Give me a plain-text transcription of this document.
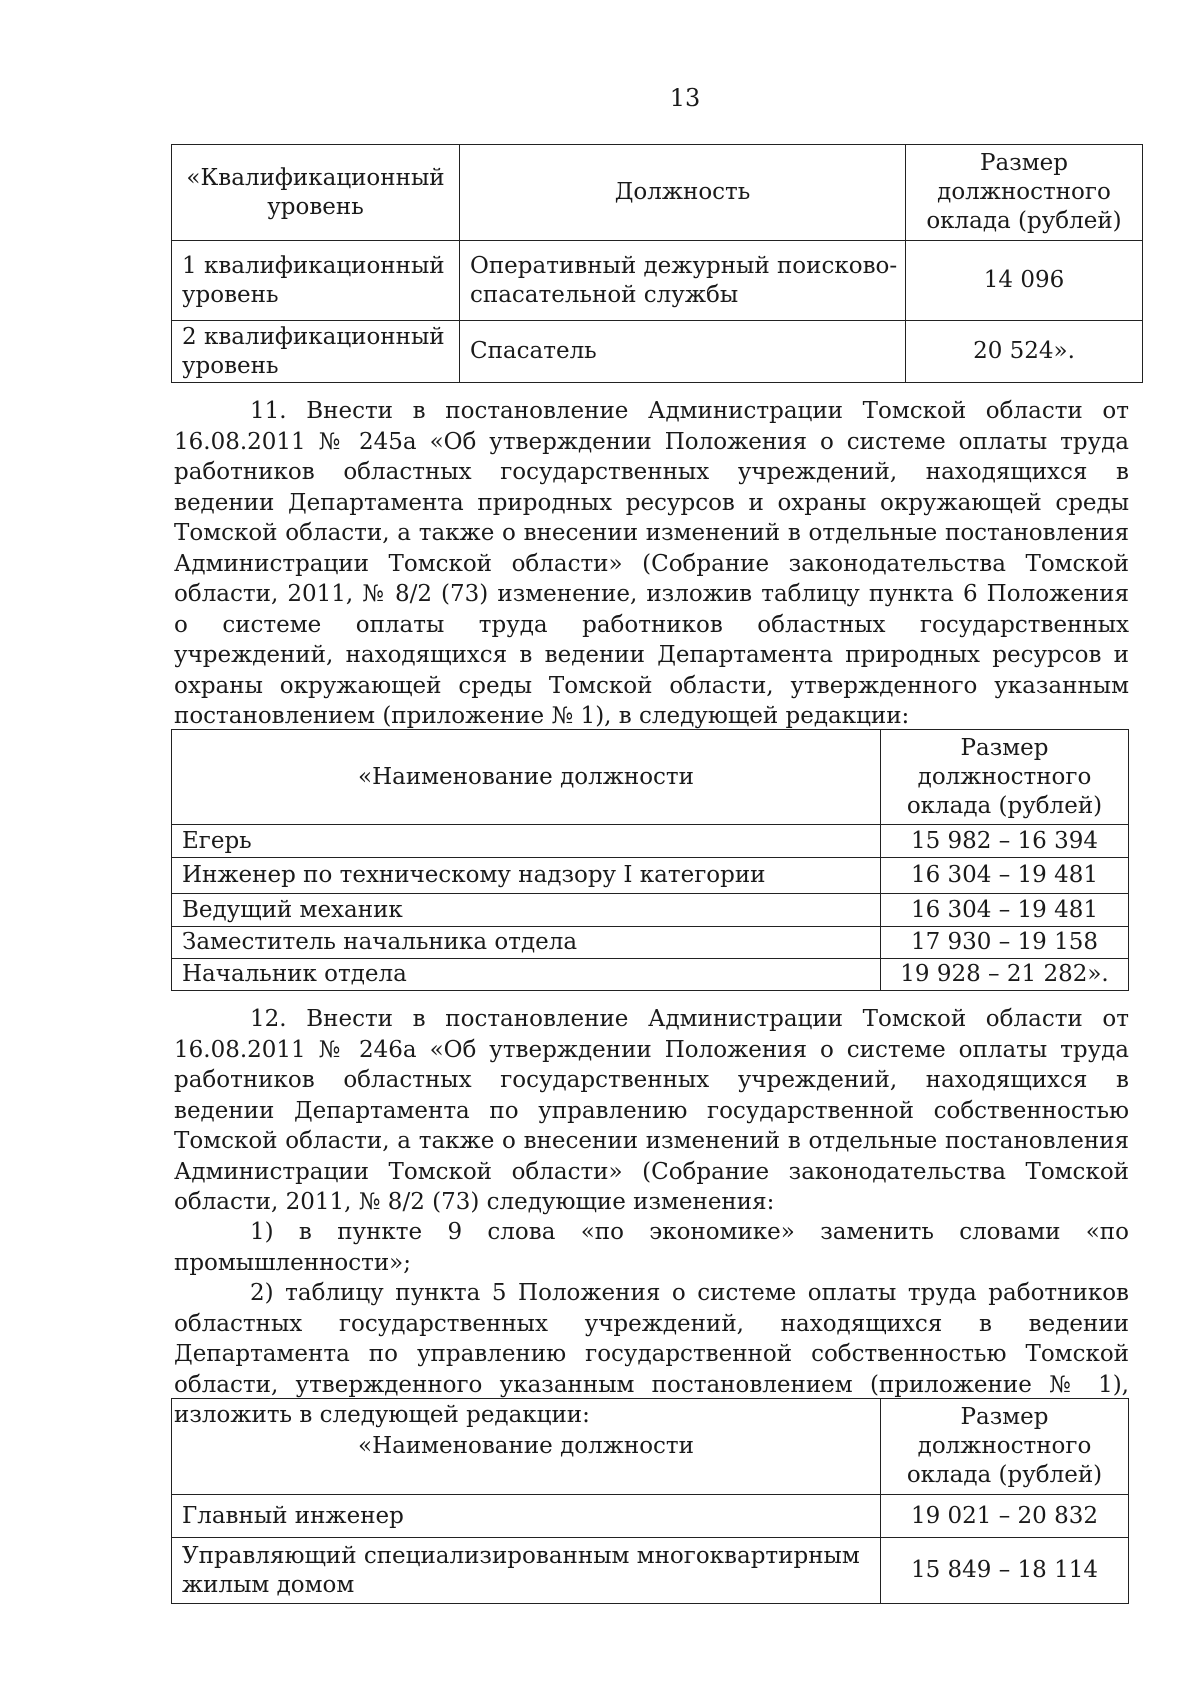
13
«Квалификационный уровень	Должность	Размер должностного оклада (рублей)
1 квалификационный уровень	Оперативный дежурный поисково-спасательной службы	14 096
2 квалификационный уровень	Спасатель	20 524».

11. Внести в постановление Администрации Томской области от 16.08.2011 № 245а «Об утверждении Положения о системе оплаты труда работников областных государственных учреждений, находящихся в ведении Департамента природных ресурсов и охраны окружающей среды Томской области, а также о внесении изменений в отдельные постановления Администрации Томской области» (Собрание законодательства Томской области, 2011, № 8/2 (73) изменение, изложив таблицу пункта 6 Положения о системе оплаты труда работников областных государственных учреждений, находящихся в ведении Департамента природных ресурсов и охраны окружающей среды Томской области, утвержденного указанным постановлением (приложение № 1), в следующей редакции:

«Наименование должности	Размер должностного оклада (рублей)
Егерь	15 982 – 16 394
Инженер по техническому надзору I категории	16 304 – 19 481
Ведущий механик	16 304 – 19 481
Заместитель начальника отдела	17 930 – 19 158
Начальник отдела	19 928 – 21 282».

12. Внести в постановление Администрации Томской области от 16.08.2011 № 246а «Об утверждении Положения о системе оплаты труда работников областных государственных учреждений, находящихся в ведении Департамента по управлению государственной собственностью Томской области, а также о внесении изменений в отдельные постановления Администрации Томской области» (Собрание законодательства Томской области, 2011, № 8/2 (73) следующие изменения:

1) в пункте 9 слова «по экономике» заменить словами «по промышленности»;

2) таблицу пункта 5 Положения о системе оплаты труда работников областных государственных учреждений, находящихся в ведении Департамента по управлению государственной собственностью Томской области, утвержденного указанным постановлением (приложение № 1), изложить в следующей редакции:

«Наименование должности	Размер должностного оклада (рублей)
Главный инженер	19 021 – 20 832
Управляющий специализированным многоквартирным жилым домом	15 849 – 18 114
